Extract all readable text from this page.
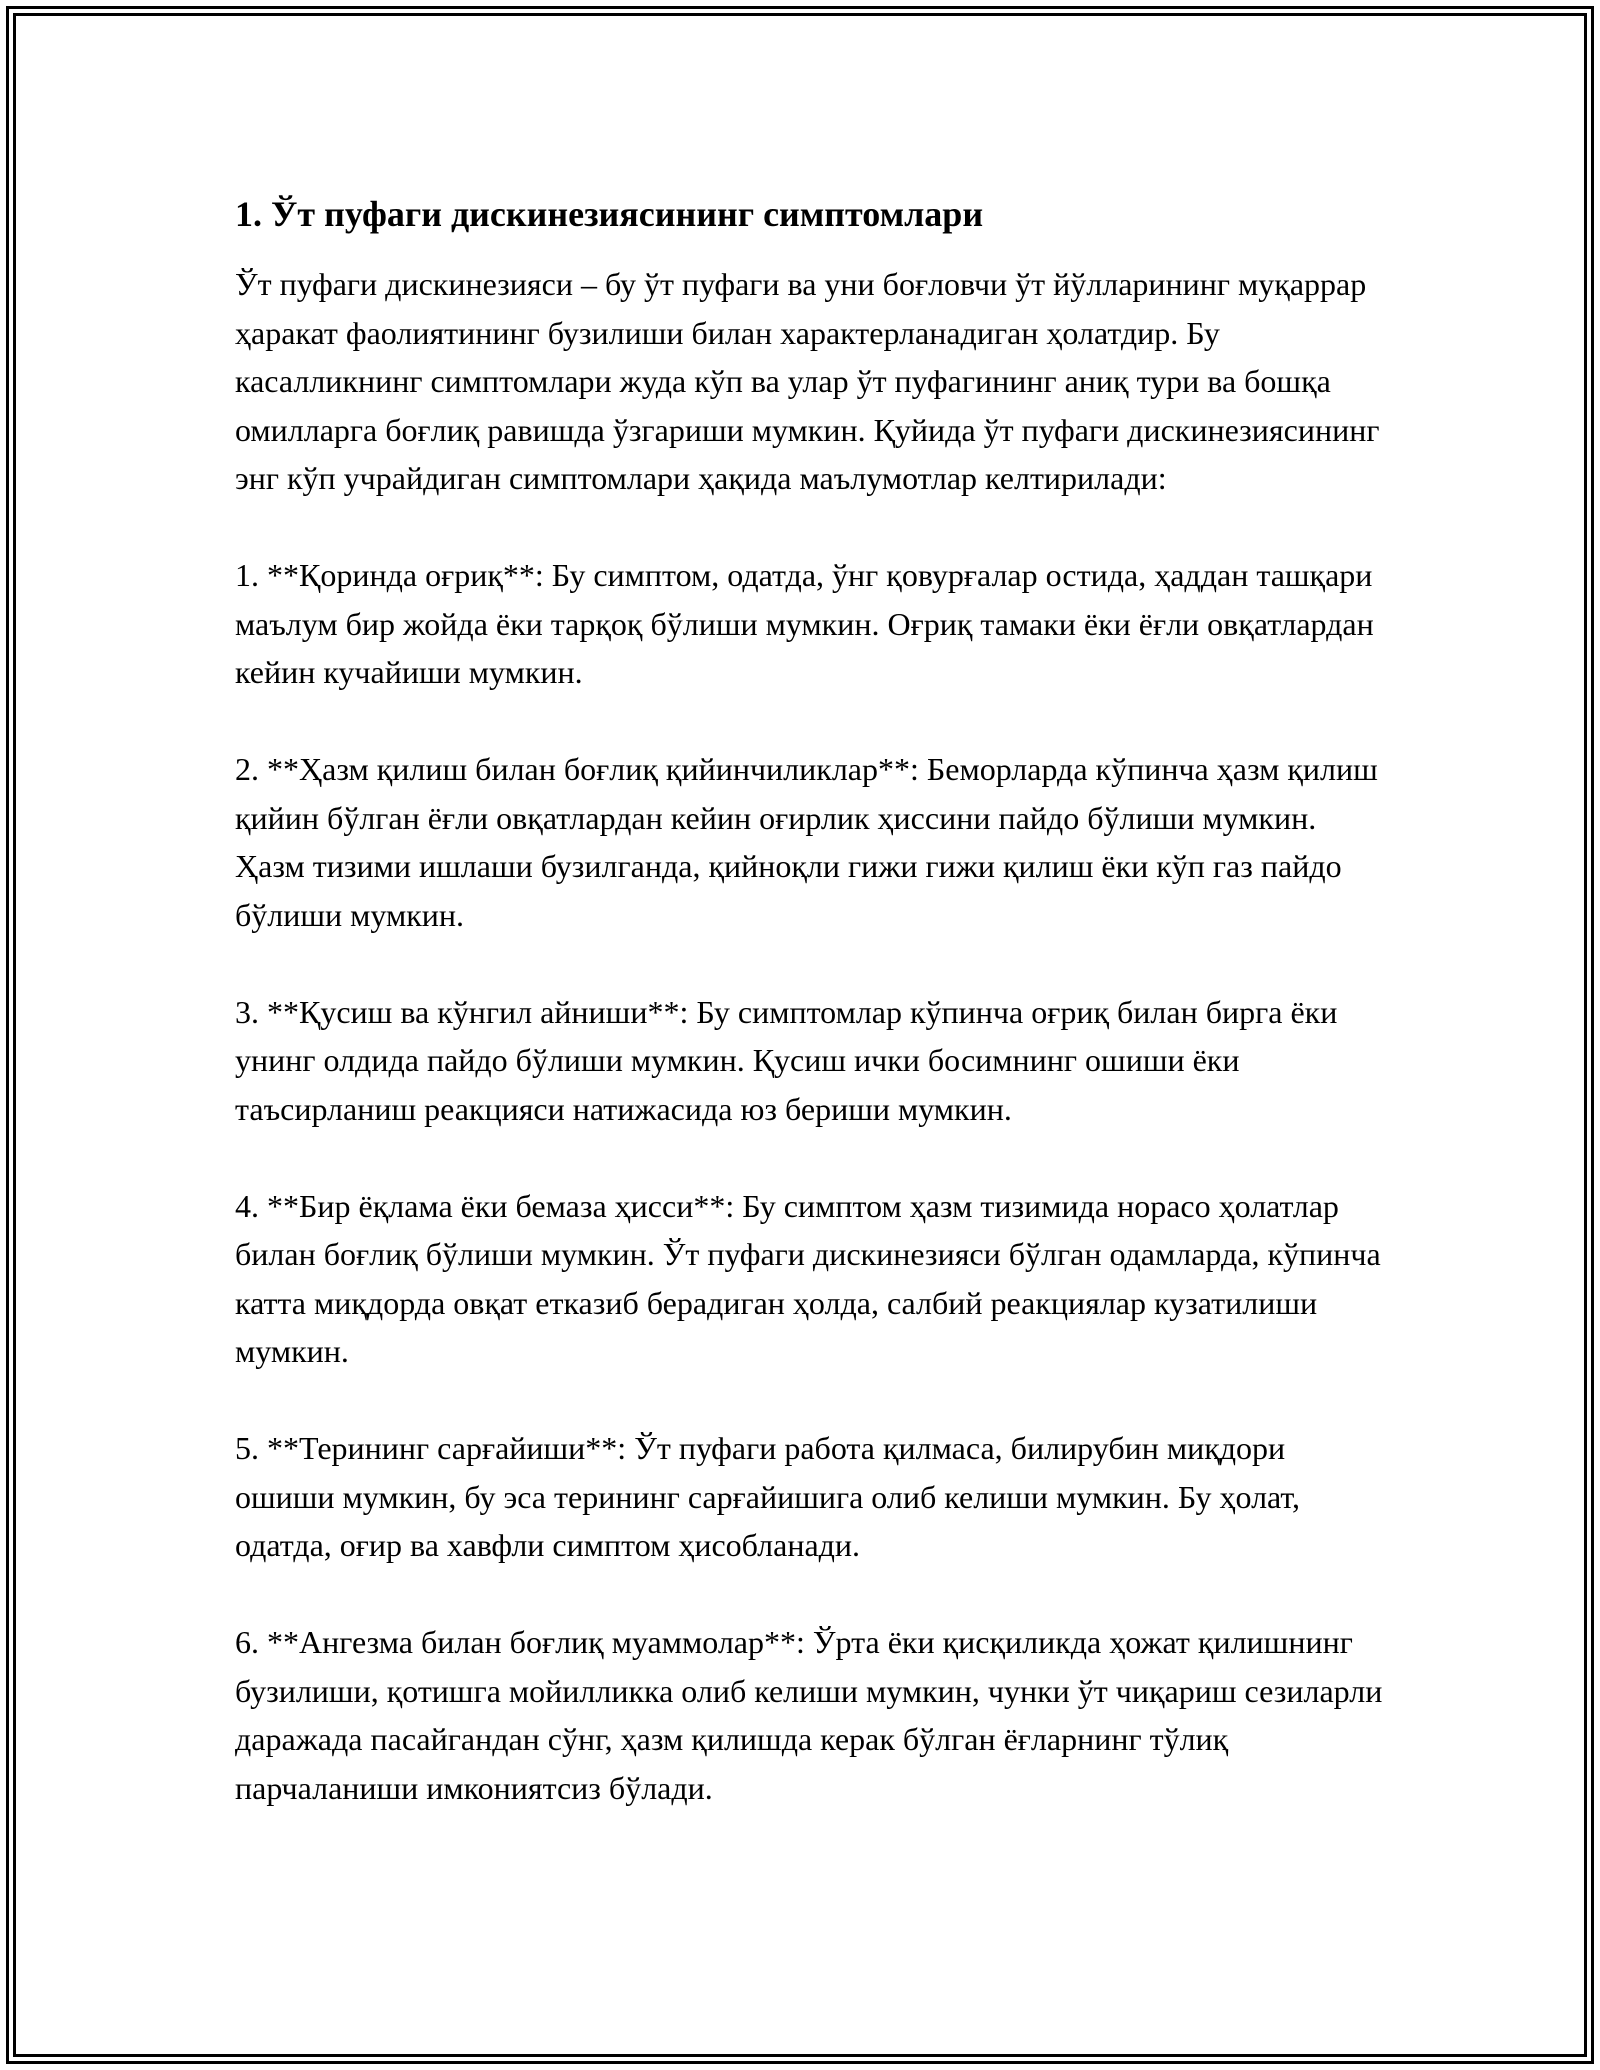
1. Ўт пуфаги дискинезиясининг симптомлари

Ўт пуфаги дискинезияси – бу ўт пуфаги ва уни боғловчи ўт йўлларининг муқаррар ҳаракат фаолиятининг бузилиши билан характерланадиган ҳолатдир. Бу касалликнинг симптомлари жуда кўп ва улар ўт пуфагининг аниқ тури ва бошқа омилларга боғлиқ равишда ўзгариши мумкин. Қуйида ўт пуфаги дискинезиясининг энг кўп учрайдиган симптомлари ҳақида маълумотлар келтирилади:

1. **Қоринда оғриқ**: Бу симптом, одатда, ўнг қовурғалар остида, ҳаддан ташқари маълум бир жойда ёки тарқоқ бўлиши мумкин. Оғриқ тамаки ёки ёғли овқатлардан кейин кучайиши мумкин.

2. **Ҳазм қилиш билан боғлиқ қийинчиликлар**: Беморларда кўпинча ҳазм қилиш қийин бўлган ёғли овқатлардан кейин оғирлик ҳиссини пайдо бўлиши мумкин. Ҳазм тизими ишлаши бузилганда, қийноқли гижи гижи қилиш ёки кўп газ пайдо бўлиши мумкин.

3. **Қусиш ва кўнгил айниши**: Бу симптомлар кўпинча оғриқ билан бирга ёки унинг олдида пайдо бўлиши мумкин. Қусиш ички босимнинг ошиши ёки таъсирланиш реакцияси натижасида юз бериши мумкин.

4. **Бир ёқлама ёки бемаза ҳисси**: Бу симптом ҳазм тизимида норасо ҳолатлар билан боғлиқ бўлиши мумкин. Ўт пуфаги дискинезияси бўлган одамларда, кўпинча катта миқдорда овқат етказиб берадиган ҳолда, салбий реакциялар кузатилиши мумкин.

5. **Терининг сарғайиши**: Ўт пуфаги работа қилмаса, билирубин миқдори ошиши мумкин, бу эса терининг сарғайишига олиб келиши мумкин. Бу ҳолат, одатда, оғир ва хавфли симптом ҳисобланади.

6. **Ангезма билан боғлиқ муаммолар**: Ўрта ёки қисқиликда ҳожат қилишнинг бузилиши, қотишга мойилликка олиб келиши мумкин, чунки ўт чиқариш сезиларли даражада пасайгандан сўнг, ҳазм қилишда керак бўлган ёғларнинг тўлиқ парчаланиши имкониятсиз бўлади.
